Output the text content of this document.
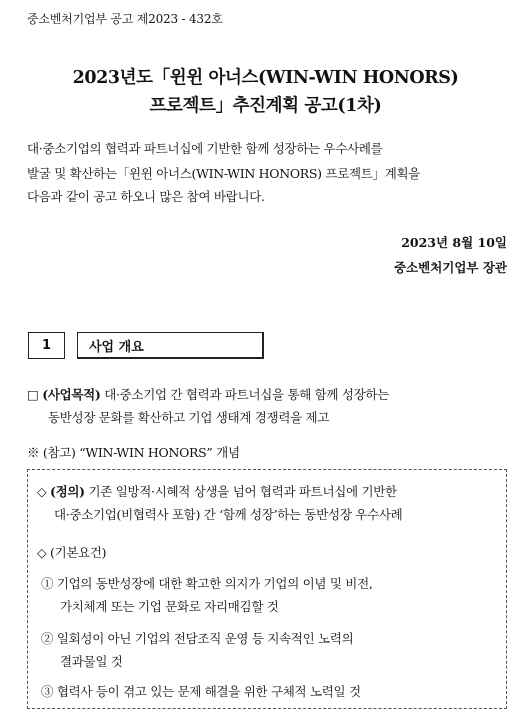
중소벤처기업부 공고 제2023 - 432호
2023년도「윈윈 아너스(WIN-WIN HONORS)
프로젝트」추진계획 공고(1차)
대·중소기업의 협력과 파트너십에 기반한 함께 성장하는 우수사례를
발굴 및 확산하는「윈윈 아너스(WIN-WIN HONORS) 프로젝트」계획을
다음과 같이 공고 하오니 많은 참여 바랍니다.
2023년 8월 10일
중소벤처기업부 장관
1	사업 개요
□ (사업목적) 대·중소기업 간 협력과 파트너십을 통해 함께 성장하는
동반성장 문화를 확산하고 기업 생태계 경쟁력을 제고
※ (참고) “WIN-WIN HONORS” 개념
◇ (정의) 기존 일방적·시혜적 상생을 넘어 협력과 파트너십에 기반한
대·중소기업(비협력사 포함) 간 ‘함께 성장’하는 동반성장 우수사례
◇ (기본요건)
① 기업의 동반성장에 대한 확고한 의지가 기업의 이념 및 비전,
가치체계 또는 기업 문화로 자리매김할 것
② 일회성이 아닌 기업의 전담조직 운영 등 지속적인 노력의
결과물일 것
③ 협력사 등이 겪고 있는 문제 해결을 위한 구체적 노력일 것
